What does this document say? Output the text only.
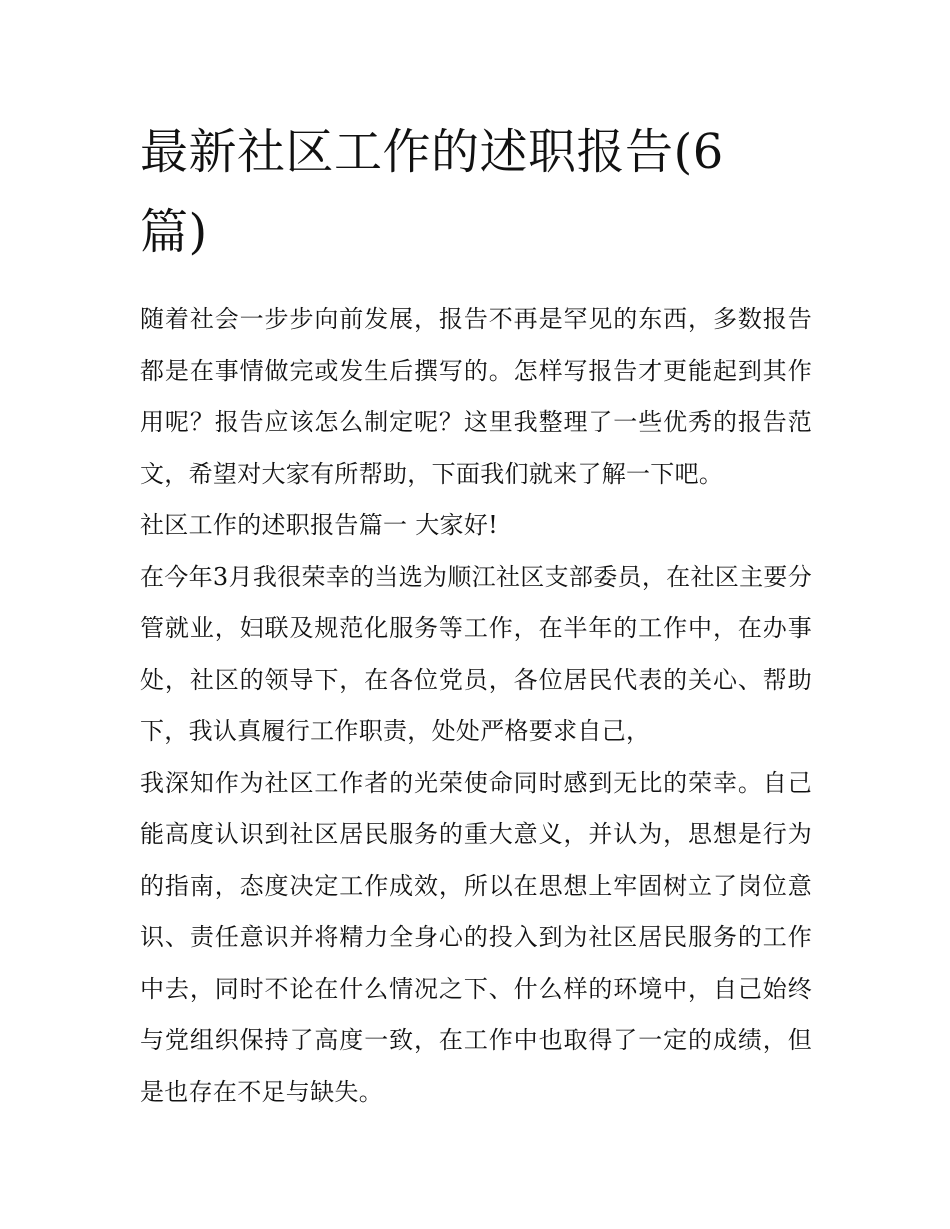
最新社区工作的述职报告(6篇)

随着社会一步步向前发展，报告不再是罕见的东西，多数报告都是在事情做完或发生后撰写的。怎样写报告才更能起到其作用呢？报告应该怎么制定呢？这里我整理了一些优秀的报告范文，希望对大家有所帮助，下面我们就来了解一下吧。

社区工作的述职报告篇一 大家好!

在今年3月我很荣幸的当选为顺江社区支部委员，在社区主要分管就业，妇联及规范化服务等工作，在半年的工作中，在办事处，社区的领导下，在各位党员，各位居民代表的关心、帮助下，我认真履行工作职责，处处严格要求自己，

我深知作为社区工作者的光荣使命同时感到无比的荣幸。自己能高度认识到社区居民服务的重大意义，并认为，思想是行为的指南，态度决定工作成效，所以在思想上牢固树立了岗位意识、责任意识并将精力全身心的投入到为社区居民服务的工作中去，同时不论在什么情况之下、什么样的环境中，自己始终与党组织保持了高度一致，在工作中也取得了一定的成绩，但是也存在不足与缺失。
